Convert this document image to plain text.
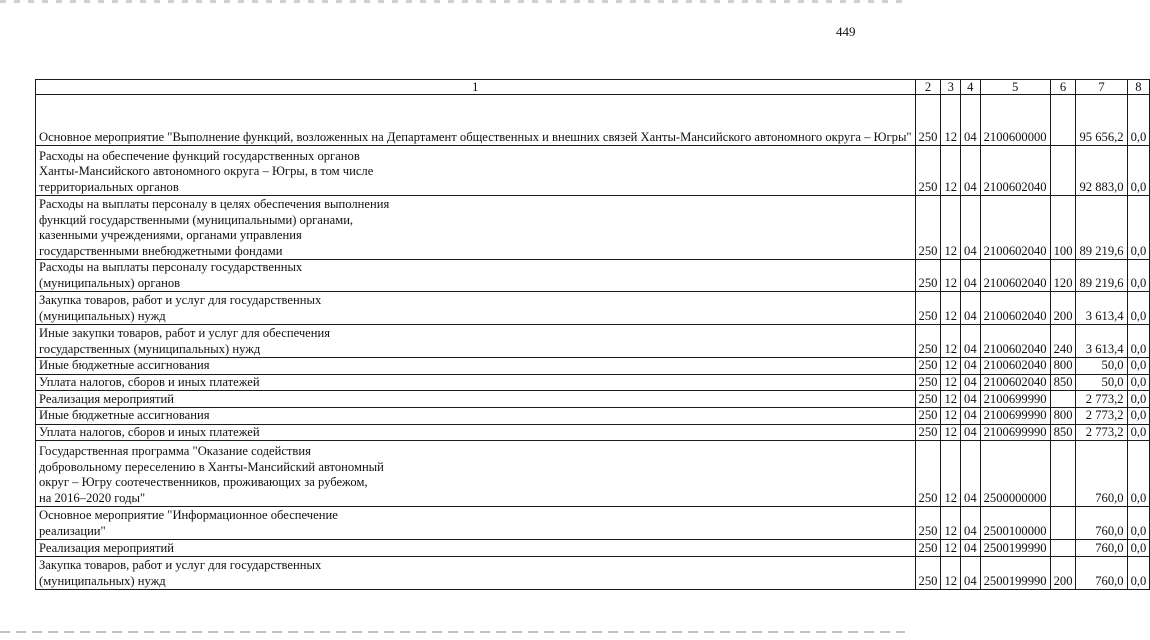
449
1	2	3	4	5	6	7	8
Основное мероприятие "Выполнение функций, возложенных на Департамент общественных и внешних связей Ханты-Мансийского автономного округа – Югры"	250	12	04	2100600000		95 656,2	0,0

Расходы на обеспечение функций государственных органов
Ханты-Мансийского автономного округа – Югры, в том числе
территориальных органов	250	12	04	2100602040		92 883,0	0,0

Расходы на выплаты персоналу в целях обеспечения выполнения
функций государственными (муниципальными) органами,
казенными учреждениями, органами управления
государственными внебюджетными фондами	250	12	04	2100602040	100	89 219,6	0,0

Расходы на выплаты персоналу государственных
(муниципальных) органов	250	12	04	2100602040	120	89 219,6	0,0

Закупка товаров, работ и услуг для государственных
(муниципальных) нужд	250	12	04	2100602040	200	3 613,4	0,0

Иные закупки товаров, работ и услуг для обеспечения
государственных (муниципальных) нужд	250	12	04	2100602040	240	3 613,4	0,0
Иные бюджетные ассигнования	250	12	04	2100602040	800	50,0	0,0
Уплата налогов, сборов и иных платежей	250	12	04	2100602040	850	50,0	0,0
Реализация мероприятий	250	12	04	2100699990		2 773,2	0,0
Иные бюджетные ассигнования	250	12	04	2100699990	800	2 773,2	0,0
Уплата налогов, сборов и иных платежей	250	12	04	2100699990	850	2 773,2	0,0

Государственная программа "Оказание содействия
добровольному переселению в Ханты-Мансийский автономный
округ – Югру соотечественников, проживающих за рубежом,
на 2016–2020 годы"	250	12	04	2500000000		760,0	0,0

Основное мероприятие "Информационное обеспечение
реализации"	250	12	04	2500100000		760,0	0,0
Реализация мероприятий	250	12	04	2500199990		760,0	0,0

Закупка товаров, работ и услуг для государственных
(муниципальных) нужд	250	12	04	2500199990	200	760,0	0,0
